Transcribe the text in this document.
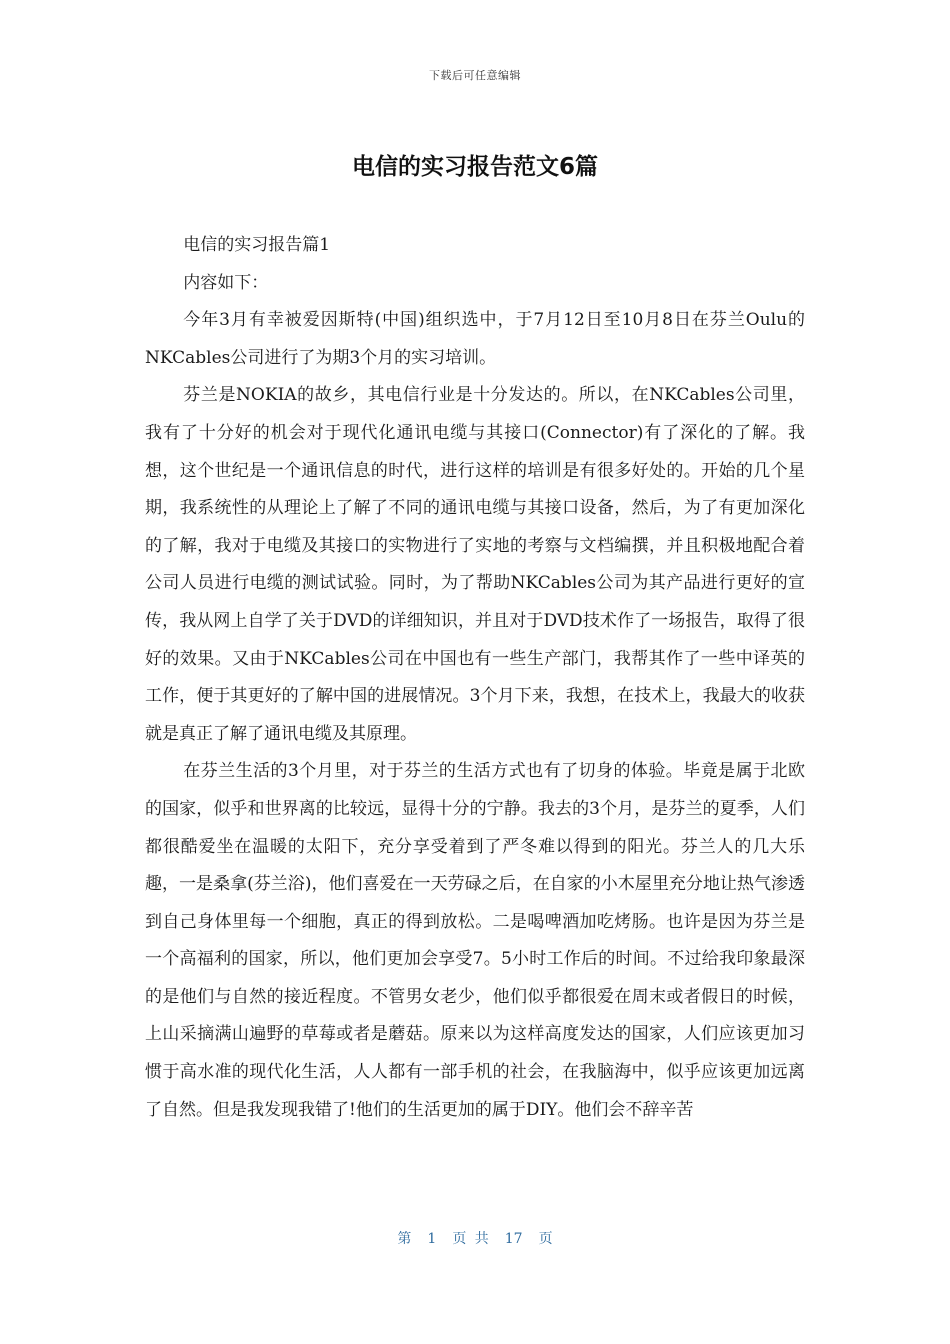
下载后可任意编辑
电信的实习报告范文6篇

电信的实习报告篇1

内容如下：

今年3月有幸被爱因斯特(中国)组织选中，于7月12日至10月8日在芬兰Oulu的NKCables公司进行了为期3个月的实习培训。

芬兰是NOKIA的故乡，其电信行业是十分发达的。所以，在NKCables公司里，我有了十分好的机会对于现代化通讯电缆与其接口(Connector)有了深化的了解。我想，这个世纪是一个通讯信息的时代，进行这样的培训是有很多好处的。开始的几个星期，我系统性的从理论上了解了不同的通讯电缆与其接口设备，然后，为了有更加深化的了解，我对于电缆及其接口的实物进行了实地的考察与文档编撰，并且积极地配合着公司人员进行电缆的测试试验。同时，为了帮助NKCables公司为其产品进行更好的宣传，我从网上自学了关于DVD的详细知识，并且对于DVD技术作了一场报告，取得了很好的效果。又由于NKCables公司在中国也有一些生产部门，我帮其作了一些中译英的工作，便于其更好的了解中国的进展情况。3个月下来，我想，在技术上，我最大的收获就是真正了解了通讯电缆及其原理。

在芬兰生活的3个月里，对于芬兰的生活方式也有了切身的体验。毕竟是属于北欧的国家，似乎和世界离的比较远，显得十分的宁静。我去的3个月，是芬兰的夏季，人们都很酷爱坐在温暖的太阳下，充分享受着到了严冬难以得到的阳光。芬兰人的几大乐趣，一是桑拿(芬兰浴)，他们喜爱在一天劳碌之后，在自家的小木屋里充分地让热气渗透到自己身体里每一个细胞，真正的得到放松。二是喝啤酒加吃烤肠。也许是因为芬兰是一个高福利的国家，所以，他们更加会享受7。5小时工作后的时间。不过给我印象最深的是他们与自然的接近程度。不管男女老少，他们似乎都很爱在周末或者假日的时候，上山采摘满山遍野的草莓或者是蘑菇。原来以为这样高度发达的国家，人们应该更加习惯于高水准的现代化生活，人人都有一部手机的社会，在我脑海中，似乎应该更加远离了自然。但是我发现我错了!他们的生活更加的属于DIY。他们会不辞辛苦

第 1 页 共 17 页
